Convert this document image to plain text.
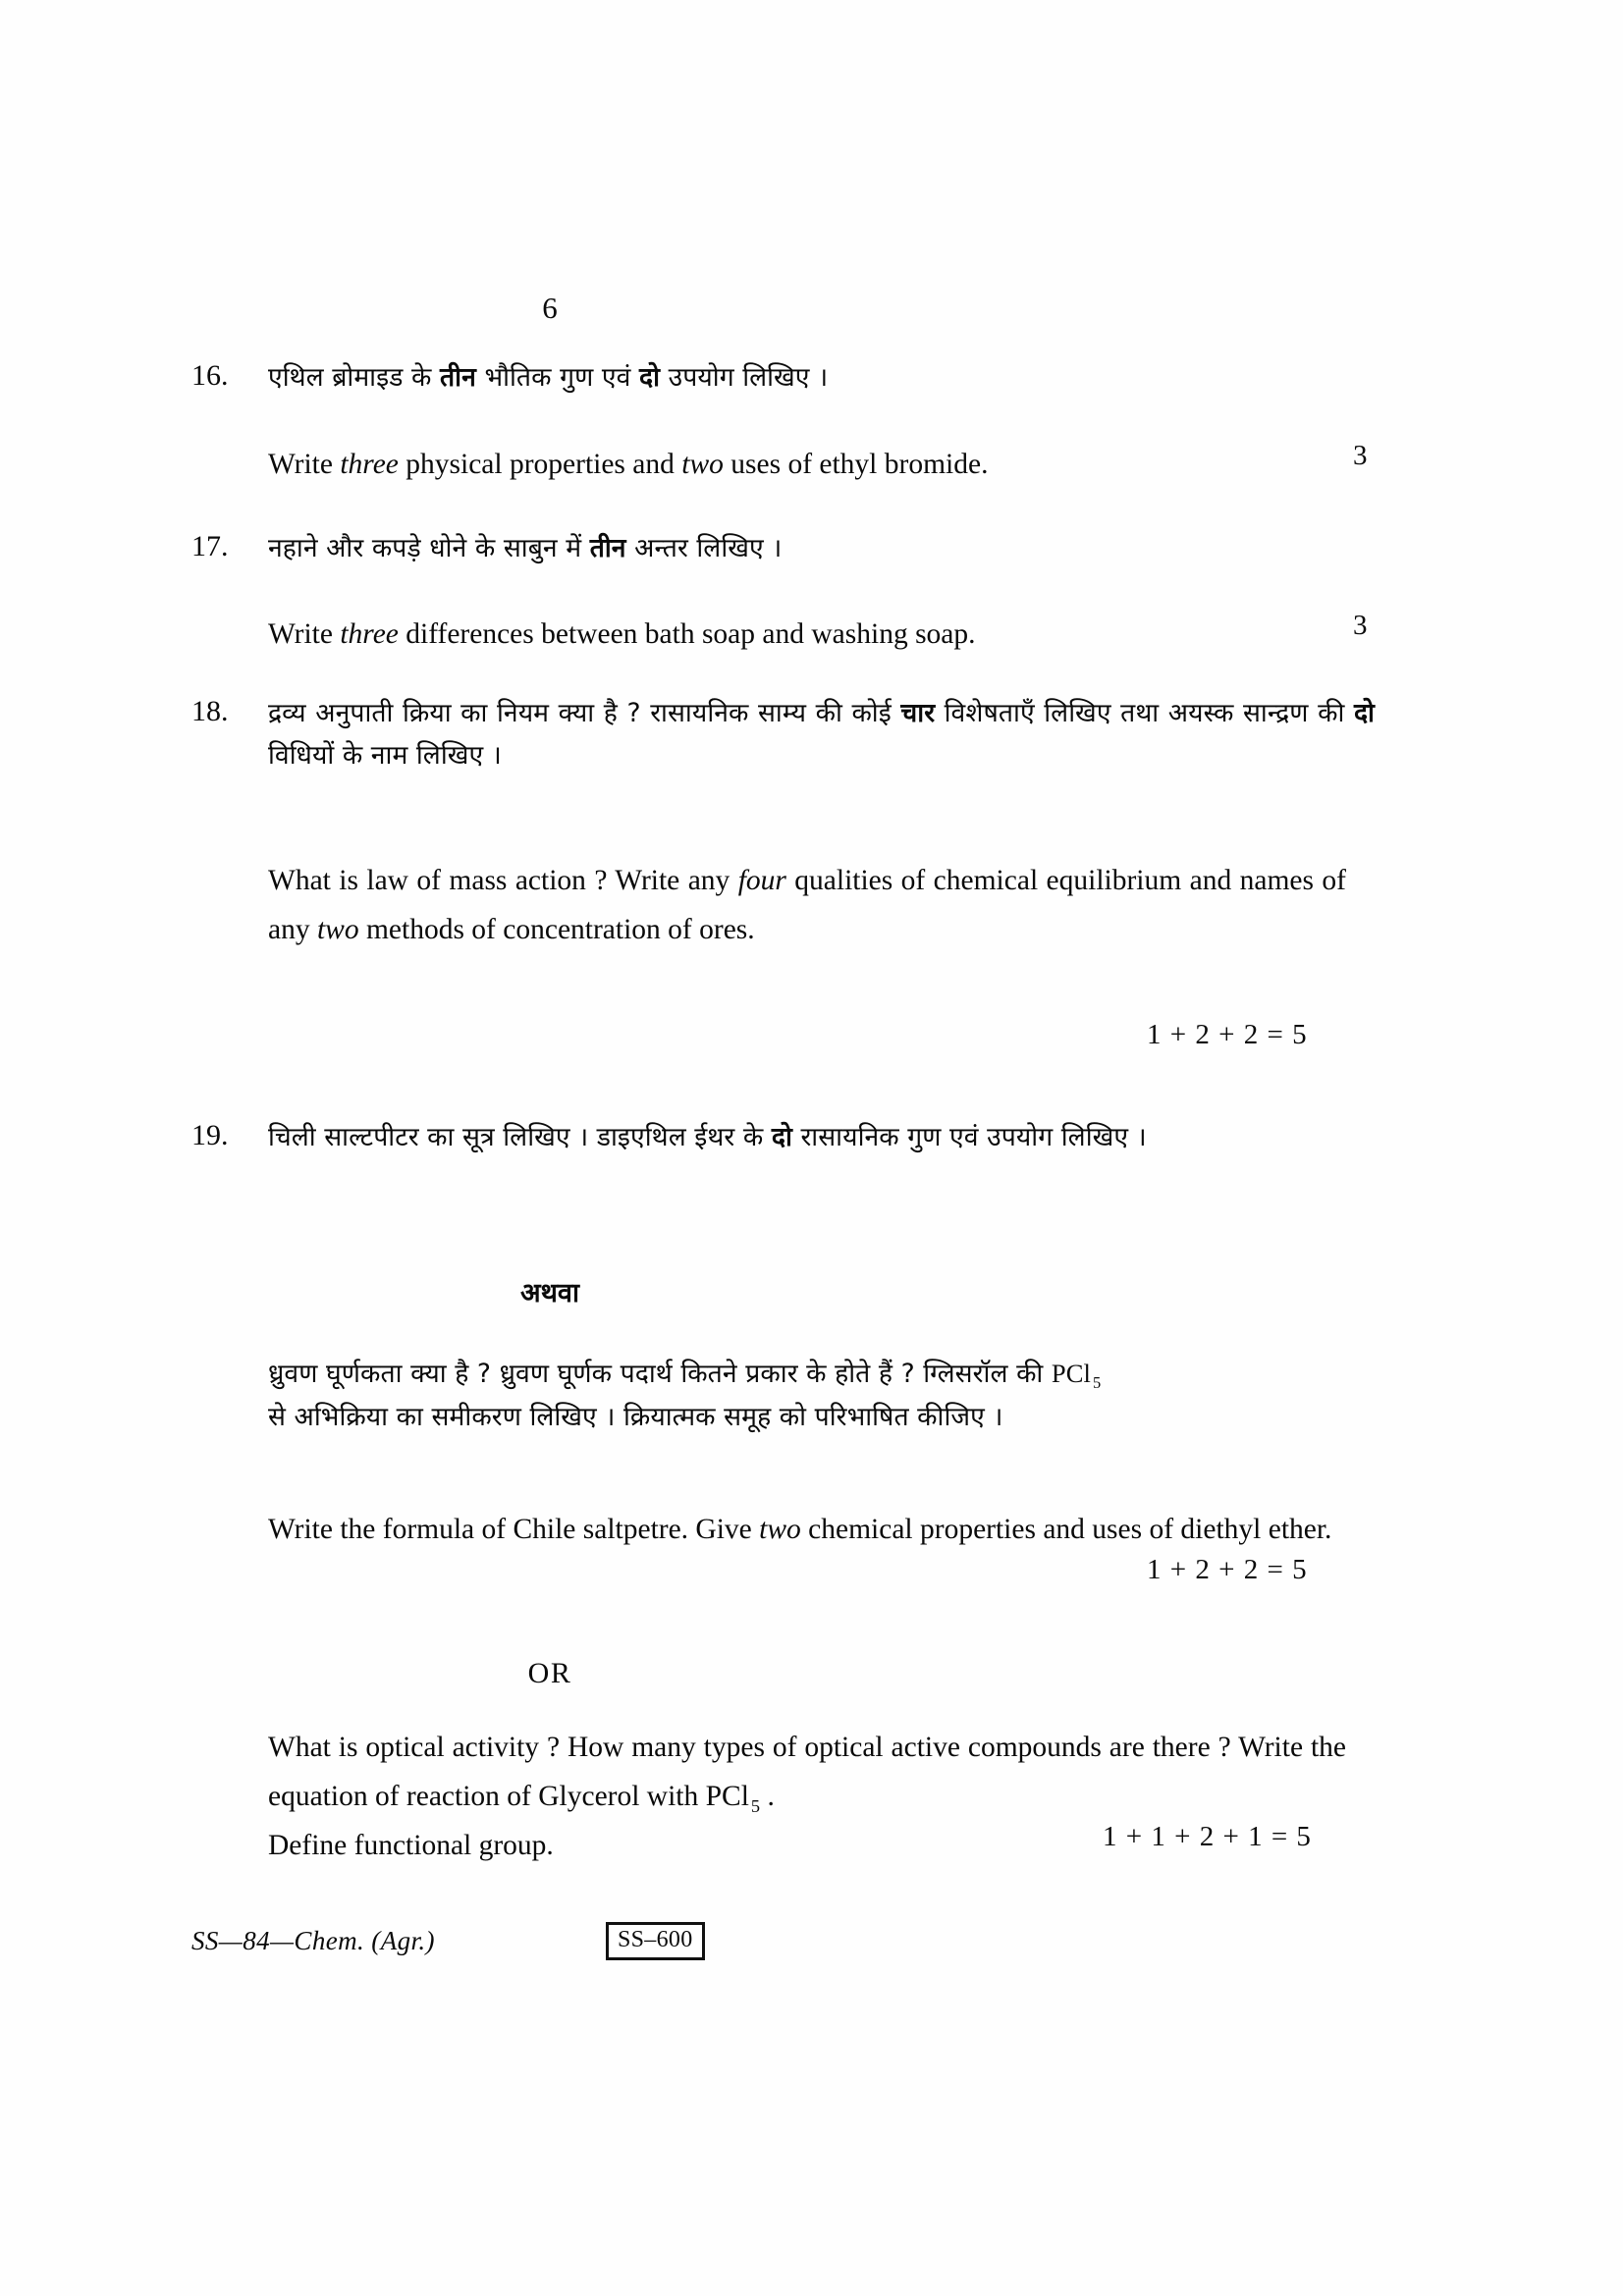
6
16.	एथिल ब्रोमाइड के तीन भौतिक गुण एवं दो उपयोग लिखिए ।
Write three physical properties and two uses of ethyl bromide.	3
17.	नहाने और कपड़े धोने के साबुन में तीन अन्तर लिखिए ।
Write three differences between bath soap and washing soap.	3
18.	द्रव्य अनुपाती क्रिया का नियम क्या है ? रासायनिक साम्य की कोई चार विशेषताएँ लिखिए तथा अयस्क सान्द्रण की दो विधियों के नाम लिखिए ।
What is law of mass action ? Write any four qualities of chemical equilibrium and names of any two methods of concentration of ores.
1 + 2 + 2 = 5
19.	चिली साल्टपीटर का सूत्र लिखिए । डाइएथिल ईथर के दो रासायनिक गुण एवं उपयोग लिखिए ।
अथवा
ध्रुवण घूर्णकता क्या है ? ध्रुवण घूर्णक पदार्थ कितने प्रकार के होते हैं ? ग्लिसरॉल की PCl $_5$
से अभिक्रिया का समीकरण लिखिए । क्रियात्मक समूह को परिभाषित कीजिए ।
Write the formula of Chile saltpetre. Give two chemical properties and uses of diethyl ether.
1 + 2 + 2 = 5
OR
What is optical activity ? How many types of optical active compounds are there ? Write the equation of reaction of Glycerol with PCl $_5$ .
Define functional group.	1 + 1 + 2 + 1 = 5
SS—84—Chem. (Agr.)	SS–600
